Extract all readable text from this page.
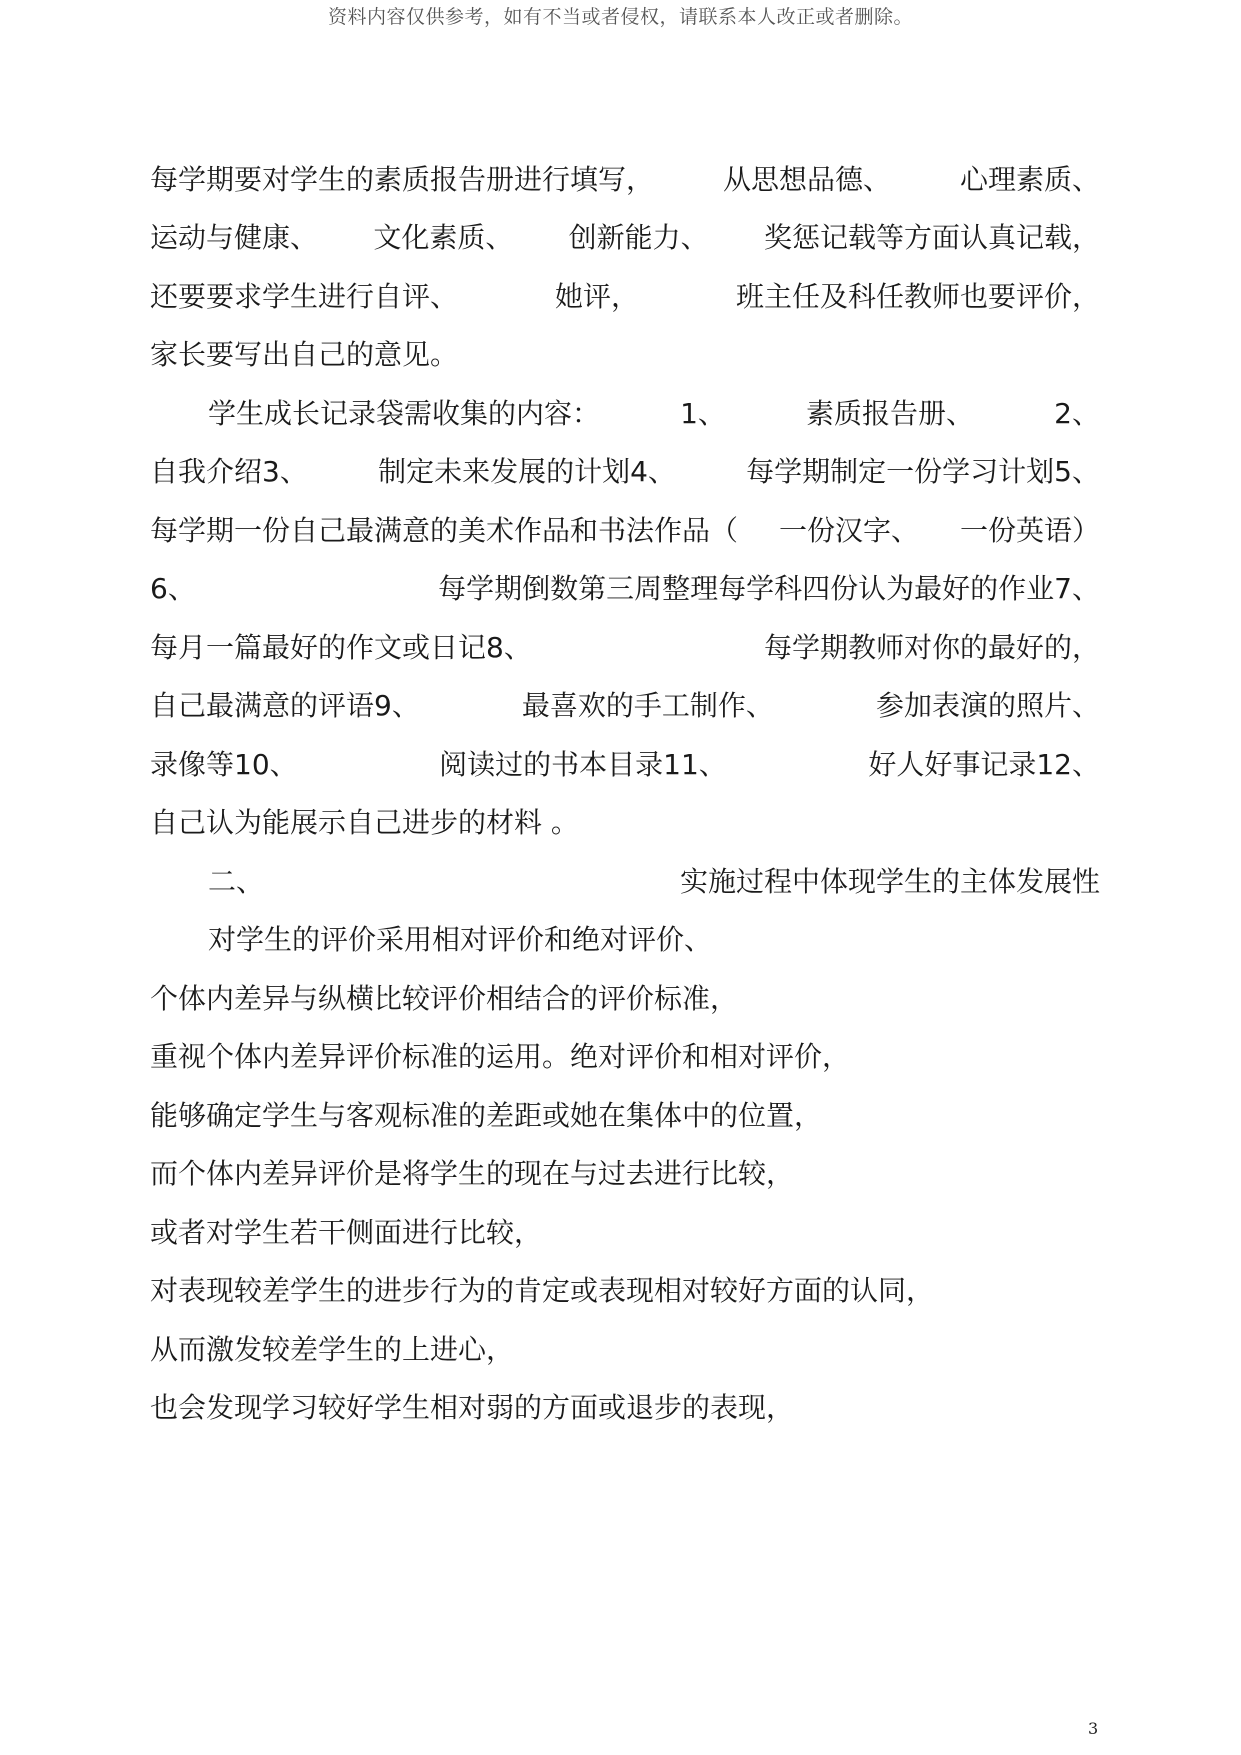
资料内容仅供参考，如有不当或者侵权，请联系本人改正或者删除。
每学期要对学生的素质报告册进行填写， 从思想品德、 心理素质、
运动与健康、 文化素质、 创新能力、 奖惩记载等方面认真记载，
还要要求学生进行自评、	她评，	班主任及科任教师也要评价，
家长要写出自己的意见。
学生成长记录袋需收集的内容：	1、	素质报告册、	2、
自我介绍3、	制定未来发展的计划4、	每学期制定一份学习计划5、
每学期一份自己最满意的美术作品和书法作品（ 一份汉字、 一份英语）
6、	每学期倒数第三周整理每学科四份认为最好的作业7、
每月一篇最好的作文或日记8、	每学期教师对你的最好的，
自己最满意的评语9、	最喜欢的手工制作、	参加表演的照片、
录像等10、	阅读过的书本目录11、	好人好事记录12、
自己认为能展示自己进步的材料 。
二、	实施过程中体现学生的主体发展性
对学生的评价采用相对评价和绝对评价、
个体内差异与纵横比较评价相结合的评价标准，
重视个体内差异评价标准的运用。绝对评价和相对评价，
能够确定学生与客观标准的差距或她在集体中的位置，
而个体内差异评价是将学生的现在与过去进行比较，
或者对学生若干侧面进行比较，
对表现较差学生的进步行为的肯定或表现相对较好方面的认同，
从而激发较差学生的上进心，
也会发现学习较好学生相对弱的方面或退步的表现，
3
